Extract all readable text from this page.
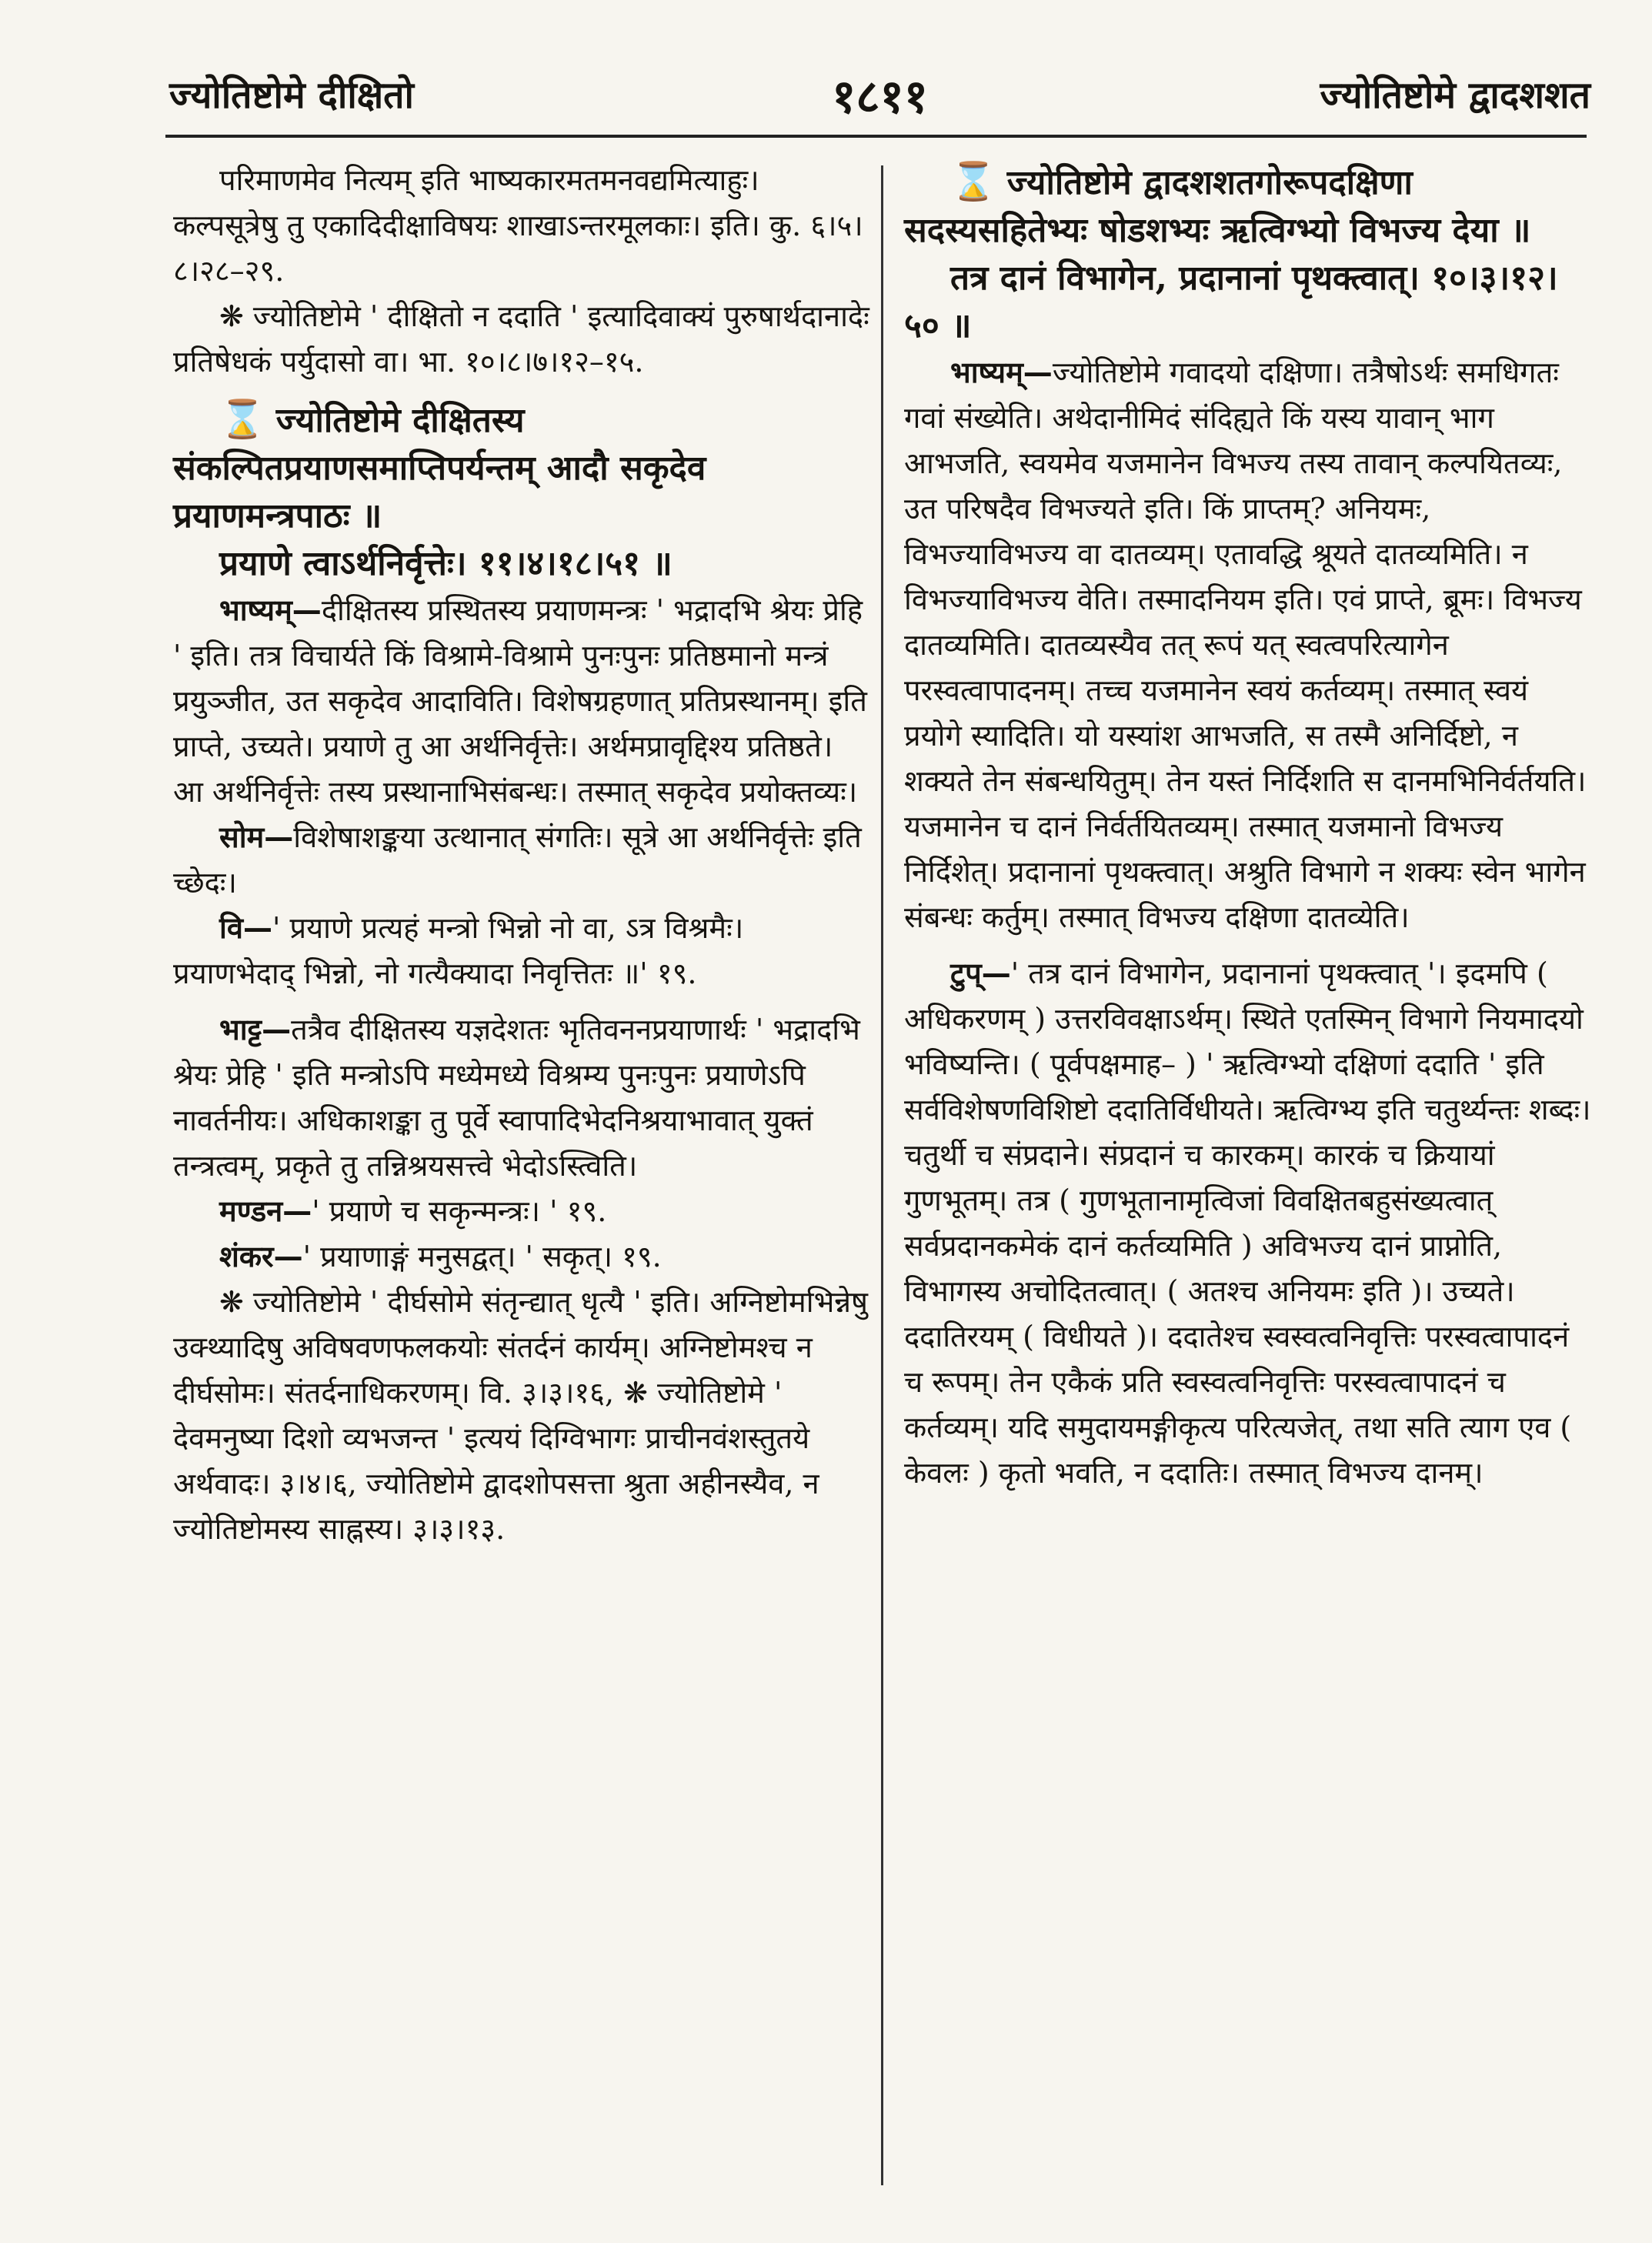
ज्योतिष्टोमे दीक्षितो	१८११	ज्योतिष्टोमे द्वादशशत

परिमाणमेव नित्यम् इति भाष्यकारमतमनवद्यमित्याहुः। कल्पसूत्रेषु तु एकादिदीक्षाविषयः शाखाऽन्तरमूलकाः। इति। कु. ६।५।८।२८–२९.

❋ ज्योतिष्टोमे ' दीक्षितो न ददाति ' इत्यादिवाक्यं पुरुषार्थदानादेः प्रतिषेधकं पर्युदासो वा। भा. १०।८।७।१२–१५.

⌛ ज्योतिष्टोमे दीक्षितस्य संकल्पितप्रयाणसमाप्तिपर्यन्तम् आदौ सकृदेव प्रयाणमन्त्रपाठः ॥

प्रयाणे त्वाऽर्थनिर्वृत्तेः। ११।४।१८।५१ ॥

भाष्यम्—दीक्षितस्य प्रस्थितस्य प्रयाणमन्त्रः ' भद्रादभि श्रेयः प्रेहि ' इति। तत्र विचार्यते किं विश्रामे-विश्रामे पुनःपुनः प्रतिष्ठमानो मन्त्रं प्रयुञ्जीत, उत सकृदेव आदाविति। विशेषग्रहणात् प्रतिप्रस्थानम्। इति प्राप्ते, उच्यते। प्रयाणे तु आ अर्थनिर्वृत्तेः। अर्थमप्रावृद्दिश्य प्रतिष्ठते। आ अर्थनिर्वृत्तेः तस्य प्रस्थानाभिसंबन्धः। तस्मात् सकृदेव प्रयोक्तव्यः।

सोम—विशेषाशङ्कया उत्थानात् संगतिः। सूत्रे आ अर्थनिर्वृत्तेः इति च्छेदः।

वि—' प्रयाणे प्रत्यहं मन्त्रो भिन्नो नो वा, ऽत्र विश्रमैः। प्रयाणभेदाद् भिन्नो, नो गत्यैक्यादा निवृत्तितः ॥' १९.

भाट्ट—तत्रैव दीक्षितस्य यज्ञदेशतः भृतिवननप्रयाणार्थः ' भद्रादभि श्रेयः प्रेहि ' इति मन्त्रोऽपि मध्येमध्ये विश्रम्य पुनःपुनः प्रयाणेऽपि नावर्तनीयः। अधिकाशङ्का तु पूर्वे स्वापादिभेदनिश्रयाभावात् युक्तं तन्त्रत्वम्, प्रकृते तु तन्निश्रयसत्त्वे भेदोऽस्त्विति।

मण्डन—' प्रयाणे च सकृन्मन्त्रः। ' १९.

शंकर—' प्रयाणाङ्गं मनुसद्वत्। ' सकृत्। १९.

❋ ज्योतिष्टोमे ' दीर्घसोमे संतृन्द्यात् धृत्यै ' इति। अग्निष्टोमभिन्नेषु उक्थ्यादिषु अविषवणफलकयोः संतर्दनं कार्यम्। अग्निष्टोमश्च न दीर्घसोमः। संतर्दनाधिकरणम्। वि. ३।३।१६, ❋ ज्योतिष्टोमे ' देवमनुष्या दिशो व्यभजन्त ' इत्ययं दिग्विभागः प्राचीनवंशस्तुतये अर्थवादः। ३।४।६, ज्योतिष्टोमे द्वादशोपसत्ता श्रुता अहीनस्यैव, न ज्योतिष्टोमस्य साह्नस्य। ३।३।१३.

⌛ ज्योतिष्टोमे द्वादशशतगोरूपदक्षिणा सदस्यसहितेभ्यः षोडशभ्यः ऋत्विग्भ्यो विभज्य देया ॥

तत्र दानं विभागेन, प्रदानानां पृथक्त्वात्। १०।३।१२।५० ॥

भाष्यम्—ज्योतिष्टोमे गवादयो दक्षिणा। तत्रैषोऽर्थः समधिगतः गवां संख्येति। अथेदानीमिदं संदिह्यते किं यस्य यावान् भाग आभजति, स्वयमेव यजमानेन विभज्य तस्य तावान् कल्पयितव्यः, उत परिषदैव विभज्यते इति। किं प्राप्तम्? अनियमः, विभज्याविभज्य वा दातव्यम्। एतावद्धि श्रूयते दातव्यमिति। न विभज्याविभज्य वेति। तस्मादनियम इति। एवं प्राप्ते, ब्रूमः। विभज्य दातव्यमिति। दातव्यस्यैव तत् रूपं यत् स्वत्वपरित्यागेन परस्वत्वापादनम्। तच्च यजमानेन स्वयं कर्तव्यम्। तस्मात् स्वयं प्रयोगे स्यादिति। यो यस्यांश आभजति, स तस्मै अनिर्दिष्टो, न शक्यते तेन संबन्धयितुम्। तेन यस्तं निर्दिशति स दानमभिनिर्वर्तयति। यजमानेन च दानं निर्वर्तयितव्यम्। तस्मात् यजमानो विभज्य निर्दिशेत्। प्रदानानां पृथक्त्वात्। अश्रुति विभागे न शक्यः स्वेन भागेन संबन्धः कर्तुम्। तस्मात् विभज्य दक्षिणा दातव्येति।

टुप्—' तत्र दानं विभागेन, प्रदानानां पृथक्त्वात् '। इदमपि ( अधिकरणम् ) उत्तरविवक्षाऽर्थम्। स्थिते एतस्मिन् विभागे नियमादयो भविष्यन्ति। ( पूर्वपक्षमाह– ) ' ऋत्विग्भ्यो दक्षिणां ददाति ' इति सर्वविशेषणविशिष्टो ददातिर्विधीयते। ऋत्विग्भ्य इति चतुर्थ्यन्तः शब्दः। चतुर्थी च संप्रदाने। संप्रदानं च कारकम्। कारकं च क्रियायां गुणभूतम्। तत्र ( गुणभूतानामृत्विजां विवक्षितबहुसंख्यत्वात् सर्वप्रदानकमेकं दानं कर्तव्यमिति ) अविभज्य दानं प्राप्नोति, विभागस्य अचोदितत्वात्। ( अतश्च अनियमः इति )। उच्यते। ददातिरयम् ( विधीयते )। ददातेश्च स्वस्वत्वनिवृत्तिः परस्वत्वापादनं च रूपम्। तेन एकैकं प्रति स्वस्वत्वनिवृत्तिः परस्वत्वापादनं च कर्तव्यम्। यदि समुदायमङ्गीकृत्य परित्यजेत्, तथा सति त्याग एव ( केवलः ) कृतो भवति, न ददातिः। तस्मात् विभज्य दानम्।
